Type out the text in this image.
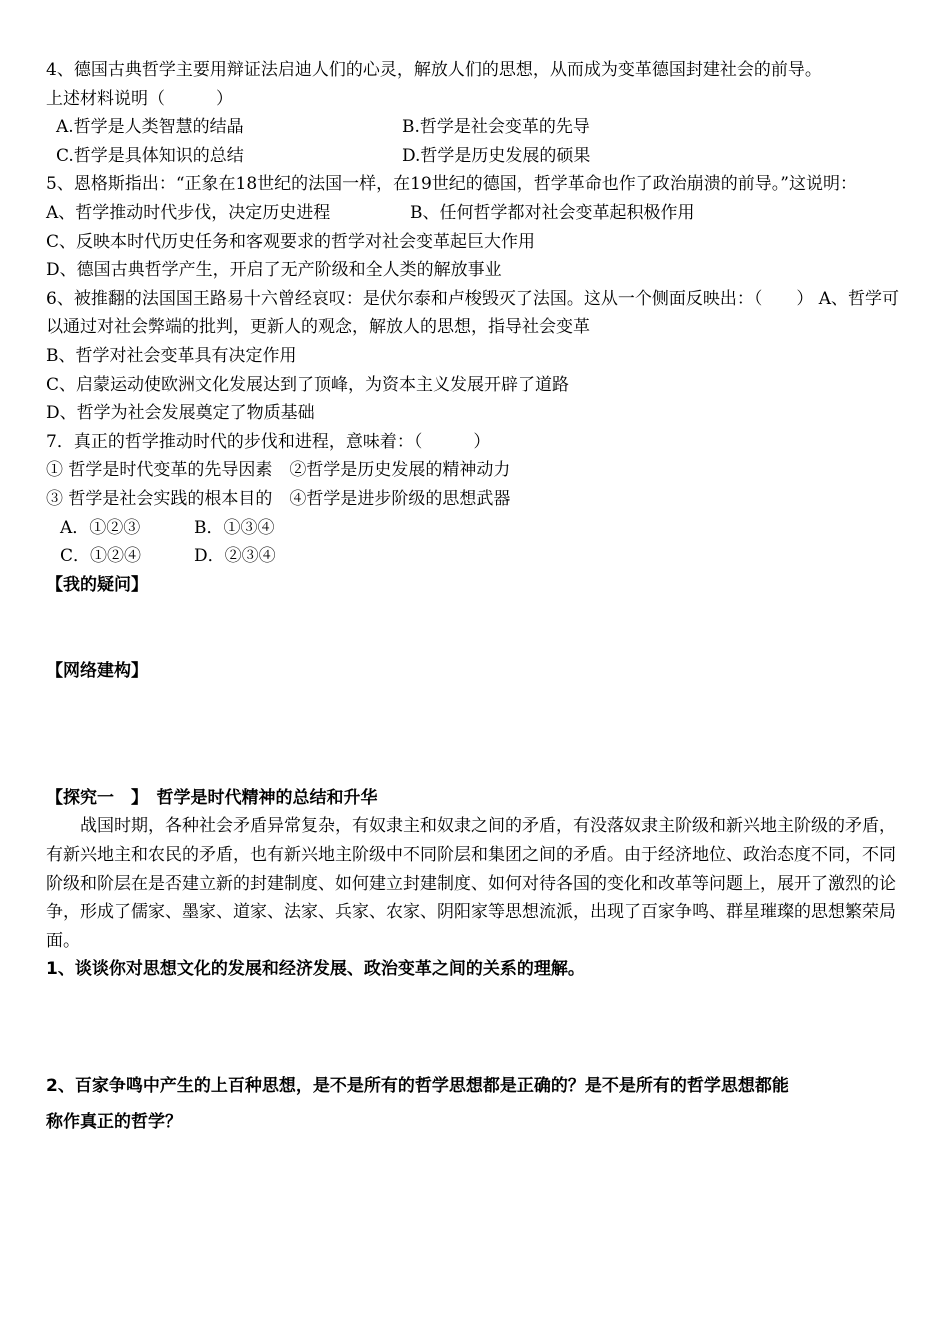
4、德国古典哲学主要用辩证法启迪人们的心灵，解放人们的思想，从而成为变革德国封建社会的前导。

上述材料说明（　　　）

A.哲学是人类智慧的结晶	B.哲学是社会变革的先导

C.哲学是具体知识的总结	D.哲学是历史发展的硕果

5、恩格斯指出：“正象在18世纪的法国一样，在19世纪的德国，哲学革命也作了政治崩溃的前导。”这说明：

A、哲学推动时代步伐，决定历史进程	B、任何哲学都对社会变革起积极作用

C、反映本时代历史任务和客观要求的哲学对社会变革起巨大作用

D、德国古典哲学产生，开启了无产阶级和全人类的解放事业

6、被推翻的法国国王路易十六曾经哀叹：是伏尔泰和卢梭毁灭了法国。这从一个侧面反映出：（　　） A、哲学可以通过对社会弊端的批判，更新人的观念，解放人的思想，指导社会变革

B、哲学对社会变革具有决定作用

C、启蒙运动使欧洲文化发展达到了顶峰，为资本主义发展开辟了道路

D、哲学为社会发展奠定了物质基础

7．真正的哲学推动时代的步伐和进程，意味着：（　　　）

① 哲学是时代变革的先导因素　②哲学是历史发展的精神动力

③ 哲学是社会实践的根本目的　④哲学是进步阶级的思想武器

A．①②③	B．①③④

C．①②④	D．②③④

【我的疑问】

【网络建构】

【探究一　】　哲学是时代精神的总结和升华

战国时期，各种社会矛盾异常复杂，有奴隶主和奴隶之间的矛盾，有没落奴隶主阶级和新兴地主阶级的矛盾，有新兴地主和农民的矛盾，也有新兴地主阶级中不同阶层和集团之间的矛盾。由于经济地位、政治态度不同，不同阶级和阶层在是否建立新的封建制度、如何建立封建制度、如何对待各国的变化和改革等问题上，展开了激烈的论争，形成了儒家、墨家、道家、法家、兵家、农家、阴阳家等思想流派，出现了百家争鸣、群星璀璨的思想繁荣局面。

1、谈谈你对思想文化的发展和经济发展、政治变革之间的关系的理解。

2、百家争鸣中产生的上百种思想，是不是所有的哲学思想都是正确的？是不是所有的哲学思想都能

称作真正的哲学？
